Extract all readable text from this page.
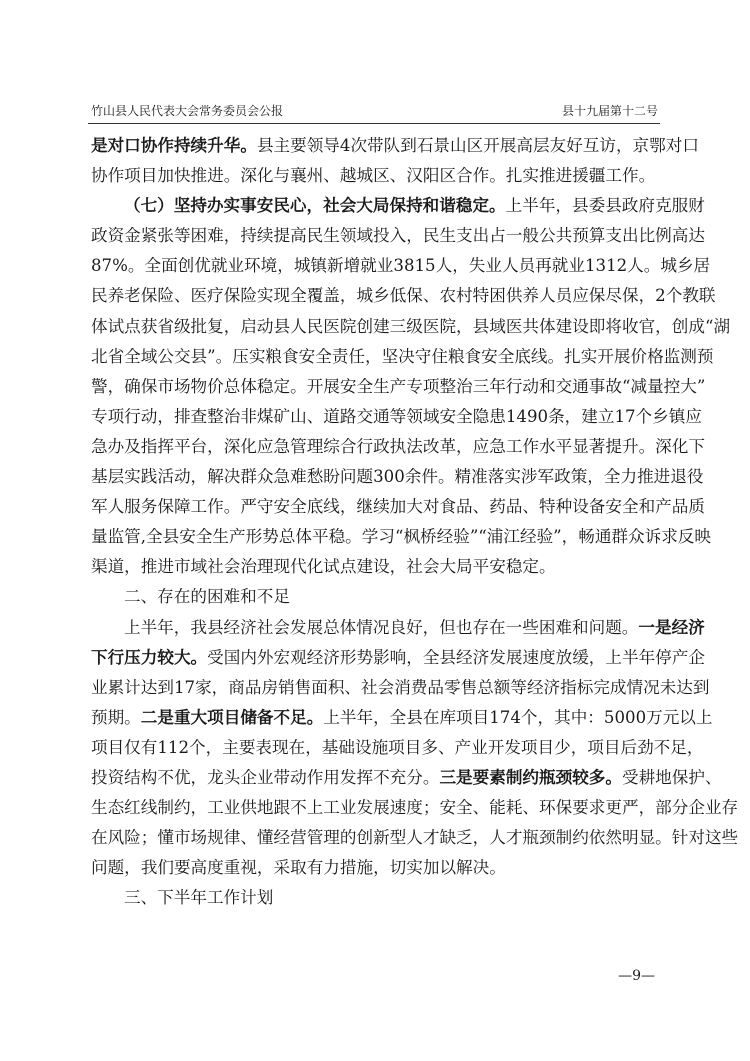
竹山县人民代表大会常务委员会公报	县十九届第十二号
是对口协作持续升华。县主要领导4次带队到石景山区开展高层友好互访，京鄂对口
协作项目加快推进。深化与襄州、越城区、汉阳区合作。扎实推进援疆工作。
（七）坚持办实事安民心，社会大局保持和谐稳定。上半年，县委县政府克服财
政资金紧张等困难，持续提高民生领域投入，民生支出占一般公共预算支出比例高达
87%。全面创优就业环境，城镇新增就业3815人，失业人员再就业1312人。城乡居
民养老保险、医疗保险实现全覆盖，城乡低保、农村特困供养人员应保尽保，2个教联
体试点获省级批复，启动县人民医院创建三级医院，县域医共体建设即将收官，创成“湖
北省全域公交县”。压实粮食安全责任，坚决守住粮食安全底线。扎实开展价格监测预
警，确保市场物价总体稳定。开展安全生产专项整治三年行动和交通事故“减量控大”
专项行动，排查整治非煤矿山、道路交通等领域安全隐患1490条，建立17个乡镇应
急办及指挥平台，深化应急管理综合行政执法改革，应急工作水平显著提升。深化下
基层实践活动，解决群众急难愁盼问题300余件。精准落实涉军政策，全力推进退役
军人服务保障工作。严守安全底线，继续加大对食品、药品、特种设备安全和产品质
量监管,全县安全生产形势总体平稳。学习“枫桥经验”“浦江经验”，畅通群众诉求反映
渠道，推进市域社会治理现代化试点建设，社会大局平安稳定。
二、存在的困难和不足
上半年，我县经济社会发展总体情况良好，但也存在一些困难和问题。一是经济
下行压力较大。受国内外宏观经济形势影响，全县经济发展速度放缓，上半年停产企
业累计达到17家，商品房销售面积、社会消费品零售总额等经济指标完成情况未达到
预期。二是重大项目储备不足。上半年，全县在库项目174个，其中：5000万元以上
项目仅有112个，主要表现在，基础设施项目多、产业开发项目少，项目后劲不足，
投资结构不优，龙头企业带动作用发挥不充分。三是要素制约瓶颈较多。受耕地保护、
生态红线制约，工业供地跟不上工业发展速度；安全、能耗、环保要求更严，部分企业存
在风险；懂市场规律、懂经营管理的创新型人才缺乏，人才瓶颈制约依然明显。针对这些
问题，我们要高度重视，采取有力措施，切实加以解决。
三、下半年工作计划
—9—
